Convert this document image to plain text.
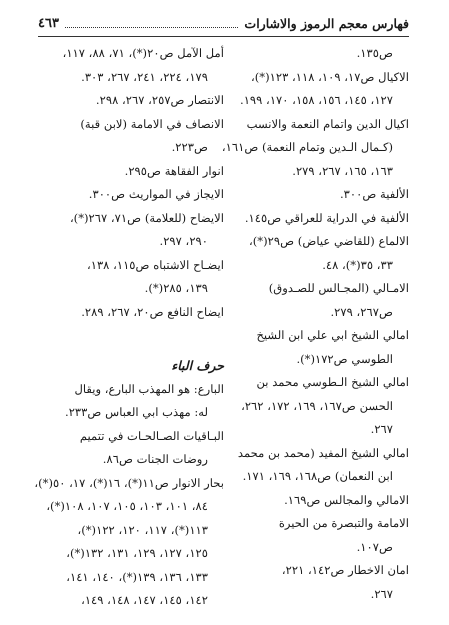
فهارس معجم الرموز والاشارات
٤٦٣
ص١٣٥.
الاكيال ص١٧، ١٠٩، ١١٨، ١٢٣(*)،
١٢٧، ١٤٥، ١٥٦، ١٥٨، ١٧٠، ١٩٩.
اكيال الدين واتمام النعمة والانسب
(كـمال الـدين وتمام النعمة) ص١٦١،
١٦٣، ١٦٥، ٢٦٧، ٢٧٩.
الألفية ص٣٠٠.
الألفية في الدراية للعراقي ص١٤٥.
الالماع (للقاضي عياض) ص٢٩(*)،
٣٣، ٣٥(*)، ٤٨.
الامـالي (المجـالس للصـدوق)
ص٢٦٧، ٢٧٩.
امالي الشيخ ابي علي ابن الشيخ
الطوسي ص١٧٢(*).
امالي الشيخ الـطوسي محمد بن
الحسن ص١٦٧، ١٦٩، ١٧٢، ٢٦٢،
٢٦٧.
امالي الشيخ المفيد (محمد بن محمد
ابن النعمان) ص١٦٨، ١٦٩، ١٧١.
الامالي والمجالس ص١٦٩.
الامامة والتبصرة من الحيرة
ص١٠٧.
امان الاخطار ص١٤٢، ٢٢١،
٢٦٧.
أمل الآمل ص٢٠(*)، ٧١، ٨٨، ١١٧،
١٧٩، ٢٢٤، ٢٤١، ٢٦٧، ٣٠٣.
الانتصار ص٢٥٧، ٢٦٧، ٢٩٨.
الانصاف في الامامة (لابن قبة)
ص٢٢٣.
انوار الفقاهة ص٢٩٥.
الايجاز في المواريث ص٣٠٠.
الايضاح (للعلامة) ص٧١، ٢٦٧(*)،
٢٩٠، ٢٩٧.
ايضـاح الاشتباه ص١١٥، ١٣٨،
١٣٩، ٢٨٥(*).
ايضاح النافع ص٢٠، ٢٦٧، ٢٨٩.
حرف الباء
البارع: هو المهذب البارع، ويقال
له: مهذب ابي العباس ص٢٣٣.
البـاقيات الصـالحـات في تتميم
روضات الجنات ص٨٦.
بحار الانوار ص١١(*)، ١٦(*)، ١٧، ٥٠(*)،
٨٤، ١٠١، ١٠٣، ١٠٥، ١٠٧، ١٠٨(*)،
١١٣(*)، ١١٧، ١٢٠، ١٢٢(*)،
١٢٥، ١٢٧، ١٢٩، ١٣١، ١٣٢(*)،
١٣٣، ١٣٦، ١٣٩(*)، ١٤٠، ١٤١،
١٤٢، ١٤٥، ١٤٧، ١٤٨، ١٤٩،
